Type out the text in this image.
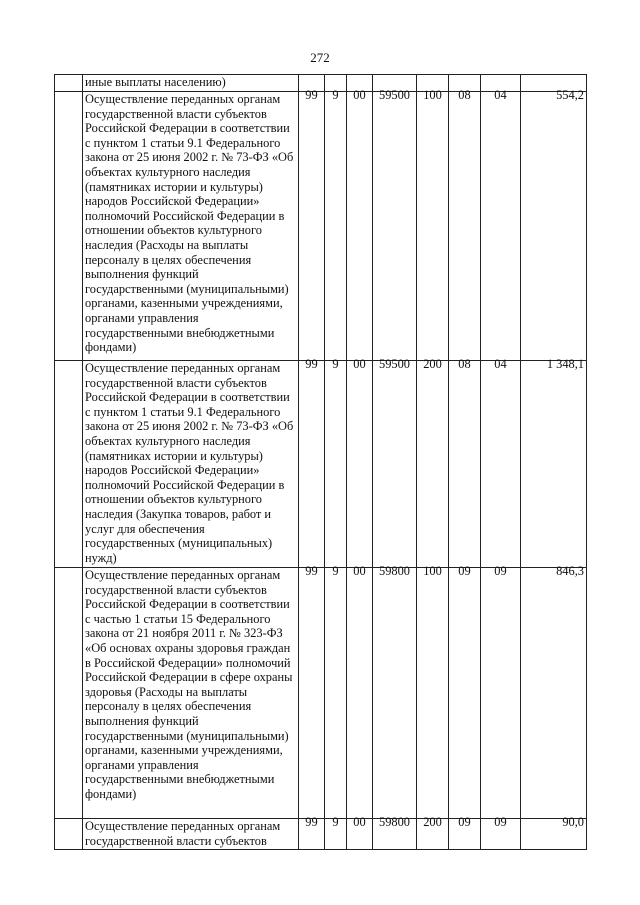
272
	иные выплаты населению)	

	Осуществление переданных органам государственной власти субъектов Российской Федерации в соответствии с пунктом 1 статьи 9.1 Федерального закона от 25 июня 2002 г. № 73-ФЗ «Об объектах культурного наследия (памятниках истории и культуры) народов Российской Федерации» полномочий Российской Федерации в отношении объектов культурного наследия (Расходы на выплаты персоналу в целях обеспечения выполнения функций государственными (муниципальными) органами, казенными учреждениями, органами управления государственными внебюджетными фондами)	99	9	00	59500	100	08	04	554,2

	Осуществление переданных органам государственной власти субъектов Российской Федерации в соответствии с пунктом 1 статьи 9.1 Федерального закона от 25 июня 2002 г. № 73-ФЗ «Об объектах культурного наследия (памятниках истории и культуры) народов Российской Федерации» полномочий Российской Федерации в отношении объектов культурного наследия (Закупка товаров, работ и услуг для обеспечения государственных (муниципальных) нужд)	99	9	00	59500	200	08	04	1 348,1

	Осуществление переданных органам государственной власти субъектов Российской Федерации в соответствии с частью 1 статьи 15 Федерального закона от 21 ноября 2011 г. № 323-ФЗ «Об основах охраны здоровья граждан в Российской Федерации» полномочий Российской Федерации в сфере охраны здоровья (Расходы на выплаты персоналу в целях обеспечения выполнения функций государственными (муниципальными) органами, казенными учреждениями, органами управления государственными внебюджетными фондами)	99	9	00	59800	100	09	09	846,3

	Осуществление переданных органам государственной власти субъектов	99	9	00	59800	200	09	09	90,0
